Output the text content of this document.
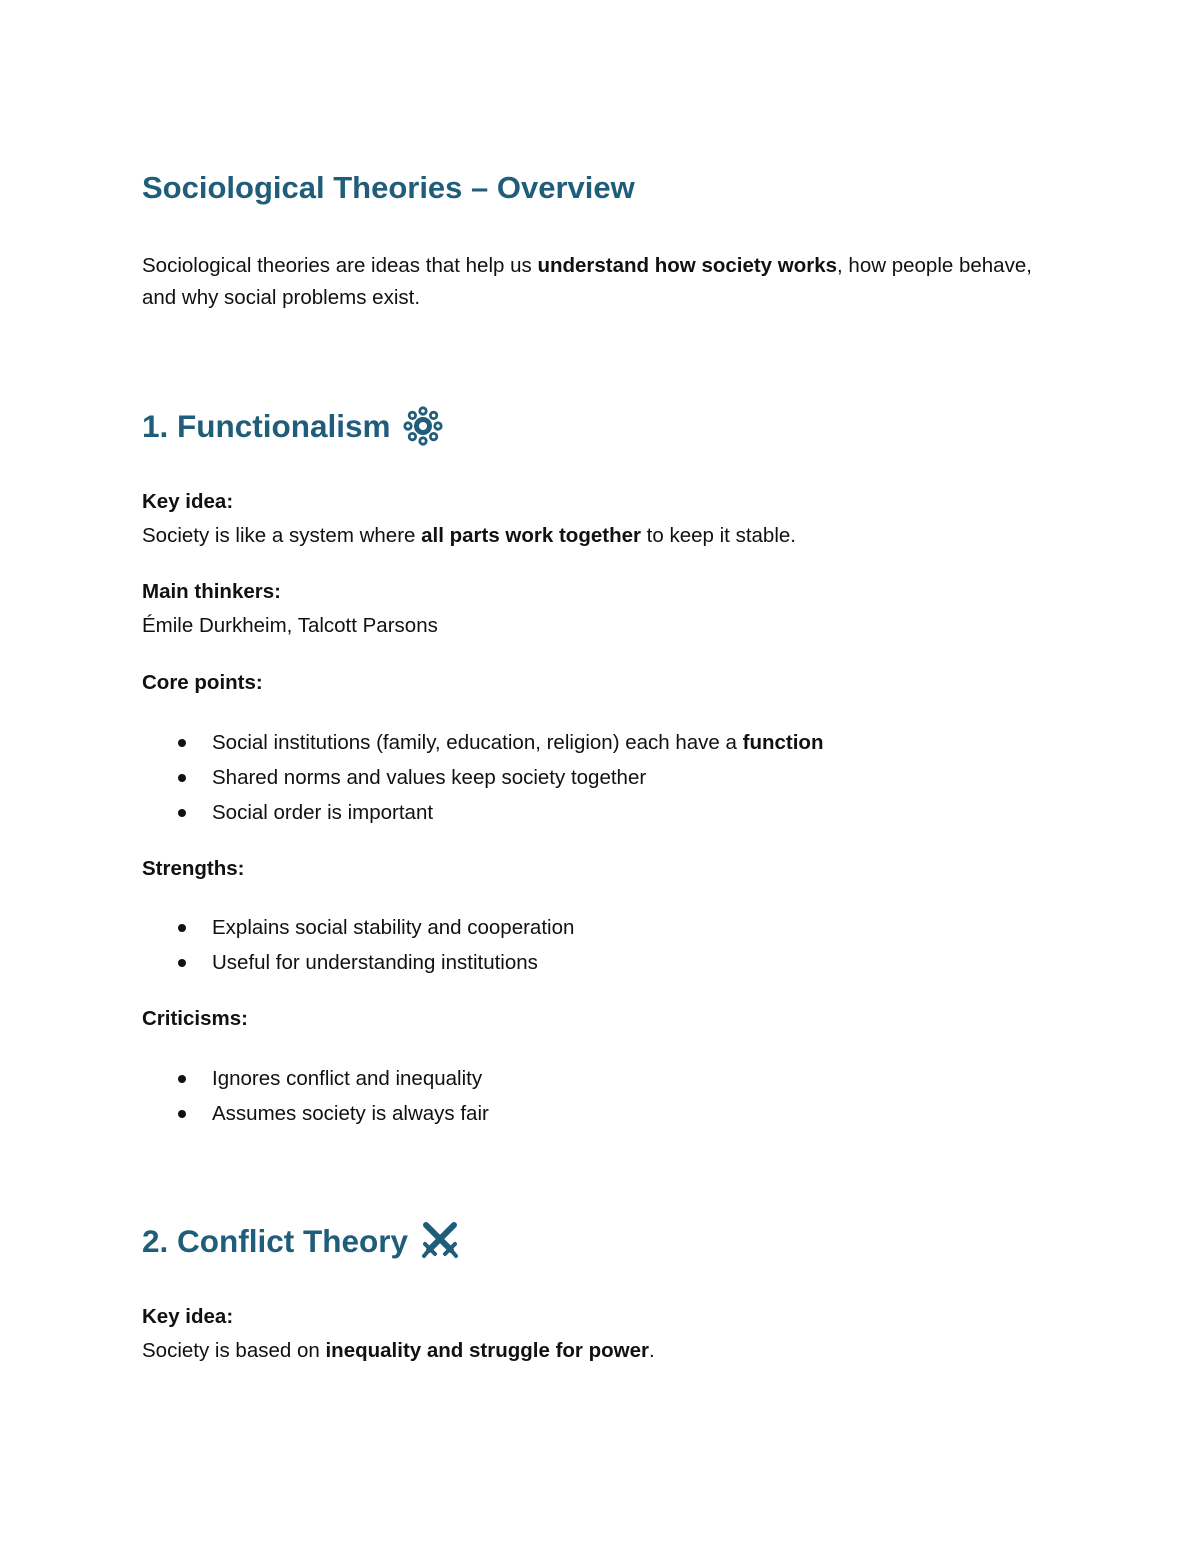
Sociological Theories – Overview

Sociological theories are ideas that help us understand how society works, how people behave, and why social problems exist.

1. Functionalism

Key idea:

Society is like a system where all parts work together to keep it stable.

Main thinkers:

Émile Durkheim, Talcott Parsons

Core points:

Social institutions (family, education, religion) each have a function
Shared norms and values keep society together
Social order is important

Strengths:

Explains social stability and cooperation
Useful for understanding institutions

Criticisms:

Ignores conflict and inequality
Assumes society is always fair
2. Conflict Theory

Key idea:

Society is based on inequality and struggle for power.
